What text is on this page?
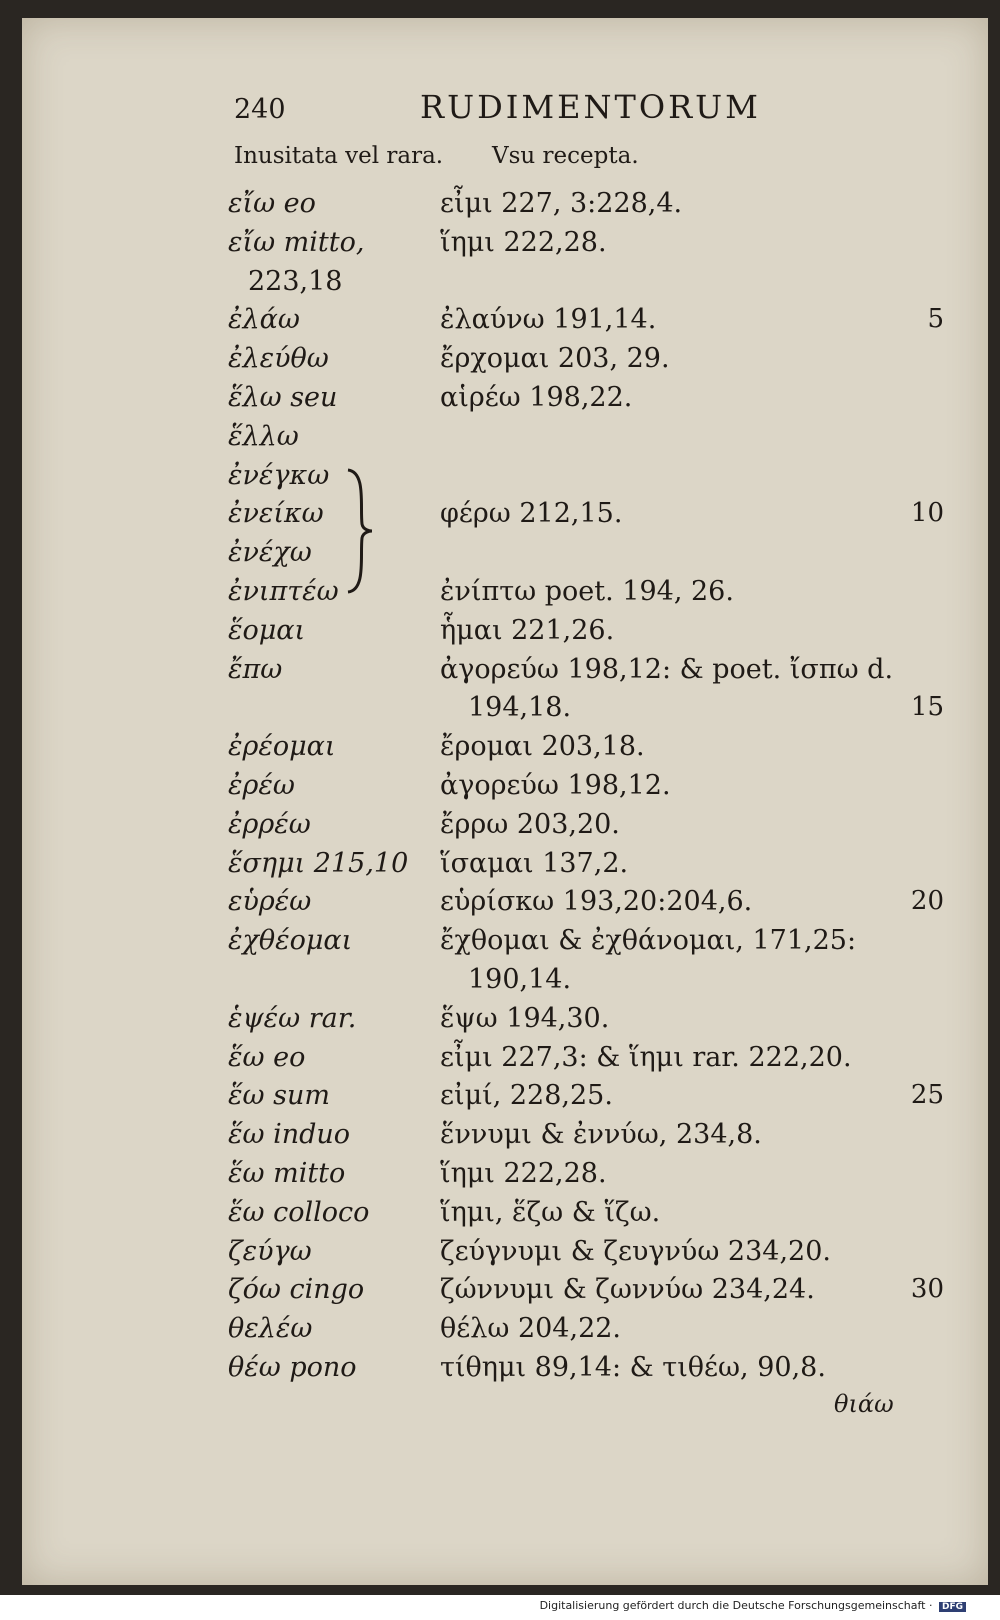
240	RUDIMENTORUM
Inusitata vel rara. Vsu recepta.
εἴω eo	εἶμι 227, 3:228,4.
εἴω mitto,	ἵημι 222,28.
223,18
ἐλάω	ἐλαύνω 191,14.	5
ἐλεύθω	ἔρχομαι 203, 29.
ἕλω seu	αἱρέω 198,22.
ἕλλω
ἐνέγκω
ἐνείκω	φέρω 212,15.	10
ἐνέχω
ἐνιπτέω	ἐνίπτω poet. 194, 26.
ἕομαι	ἧμαι 221,26.
ἔπω	ἀγορεύω 198,12: & poet. ἴσπω d.
194,18.	15
ἐρέομαι	ἔρομαι 203,18.
ἐρέω	ἀγορεύω 198,12.
ἐρρέω	ἔρρω 203,20.
ἕσημι 215,10 ἵσαμαι 137,2.
εὑρέω	εὑρίσκω 193,20:204,6.	20
ἐχθέομαι	ἔχθομαι & ἐχθάνομαι, 171,25:
190,14.
ἑψέω rar.	ἕψω 194,30.
ἕω eo	εἶμι 227,3: & ἵημι rar. 222,20.
ἕω sum	εἰμί, 228,25.	25
ἕω induo	ἕννυμι & ἐννύω, 234,8.
ἕω mitto	ἵημι 222,28.
ἕω colloco	ἵημι, ἕζω & ἵζω.
ζεύγω	ζεύγνυμι & ζευγνύω 234,20.
ζόω cingo	ζώννυμι & ζωννύω 234,24.	30
θελέω	θέλω 204,22.
θέω pono	τίθημι 89,14: & τιθέω, 90,8.
θιάω
Digitalisierung gefördert durch die Deutsche Forschungsgemeinschaft · DFG
